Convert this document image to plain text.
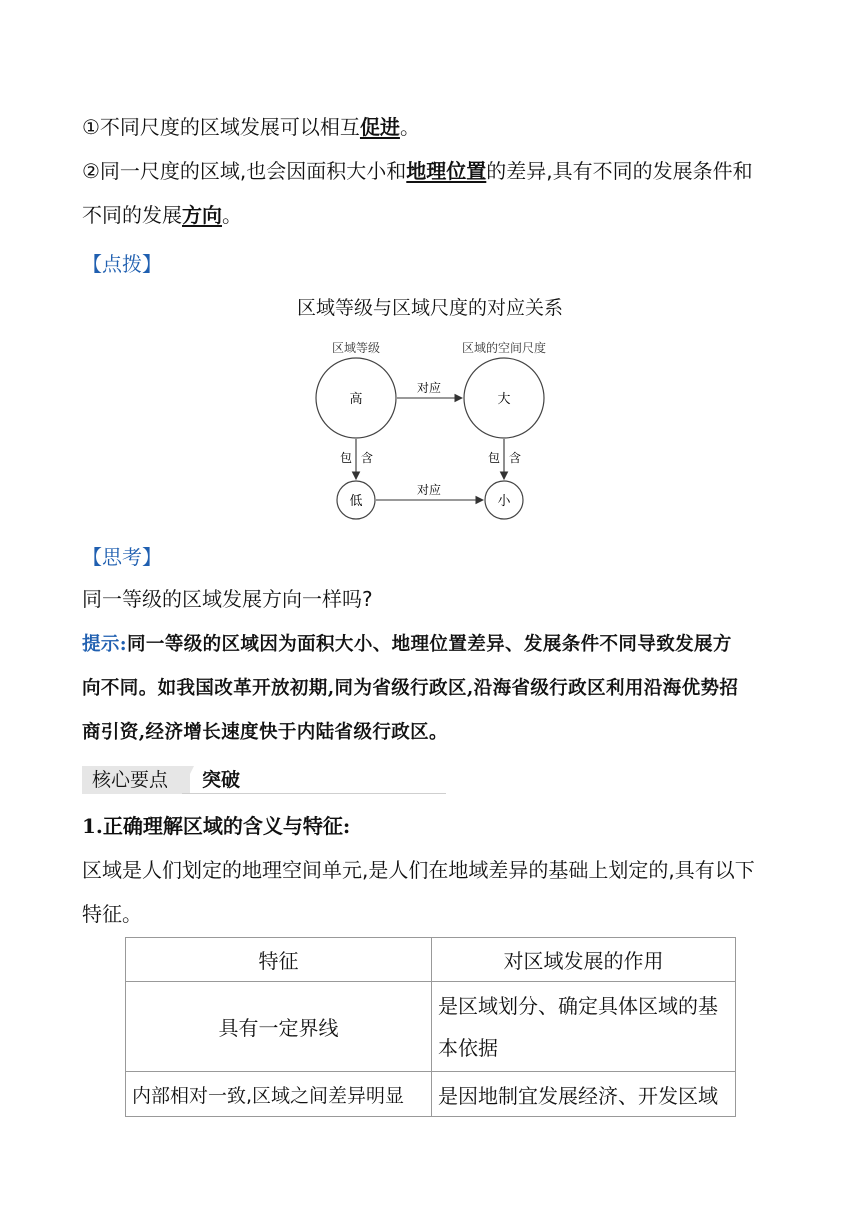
①不同尺度的区域发展可以相互促进。
②同一尺度的区域,也会因面积大小和地理位置的差异,具有不同的发展条件和
不同的发展方向。
【点拨】
区域等级与区域尺度的对应关系
区域等级	区域的空间尺度
高	大
低	小
对应
对应
包 含	包 含
【思考】
同一等级的区域发展方向一样吗?
提示:同一等级的区域因为面积大小、地理位置差异、发展条件不同导致发展方
向不同。如我国改革开放初期,同为省级行政区,沿海省级行政区利用沿海优势招
商引资,经济增长速度快于内陆省级行政区。
核心要点	突破
1.正确理解区域的含义与特征:
区域是人们划定的地理空间单元,是人们在地域差异的基础上划定的,具有以下
特征。
特征	对区域发展的作用
具有一定界线	是区域划分、确定具体区域的基本依据
内部相对一致,区域之间差异明显	是因地制宜发展经济、开发区域
